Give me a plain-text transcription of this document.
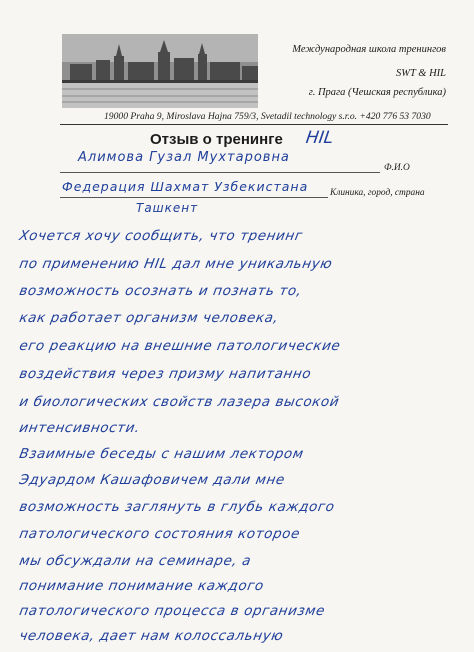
Международная школа тренингов
SWT & HIL
г. Прага (Чешская республика)
19000 Praha 9, Miroslava Hajna 759/3, Svetadil technology s.r.o. +420 776 53 7030
Отзыв о тренинге HIL
Алимова Гузал Мухтаровна
Ф.И.О
Федерация Шахмат Узбекистана Клиника, город, страна
Ташкент
Хочется хочу сообщить, что тренинг
по применению HIL дал мне уникальную
возможность осознать и познать то,
как работает организм человека,
его реакцию на внешние патологические
воздействия через призму напитанно
и биологических свойств лазера высокой
интенсивности.
Взаимные беседы с нашим лектором
Эдуардом Кашафовичем дали мне
возможность заглянуть в глубь каждого
патологического состояния которое
мы обсуждали на семинаре, а
понимание понимание каждого
патологического процесса в организме
человека, дает нам колоссальную
